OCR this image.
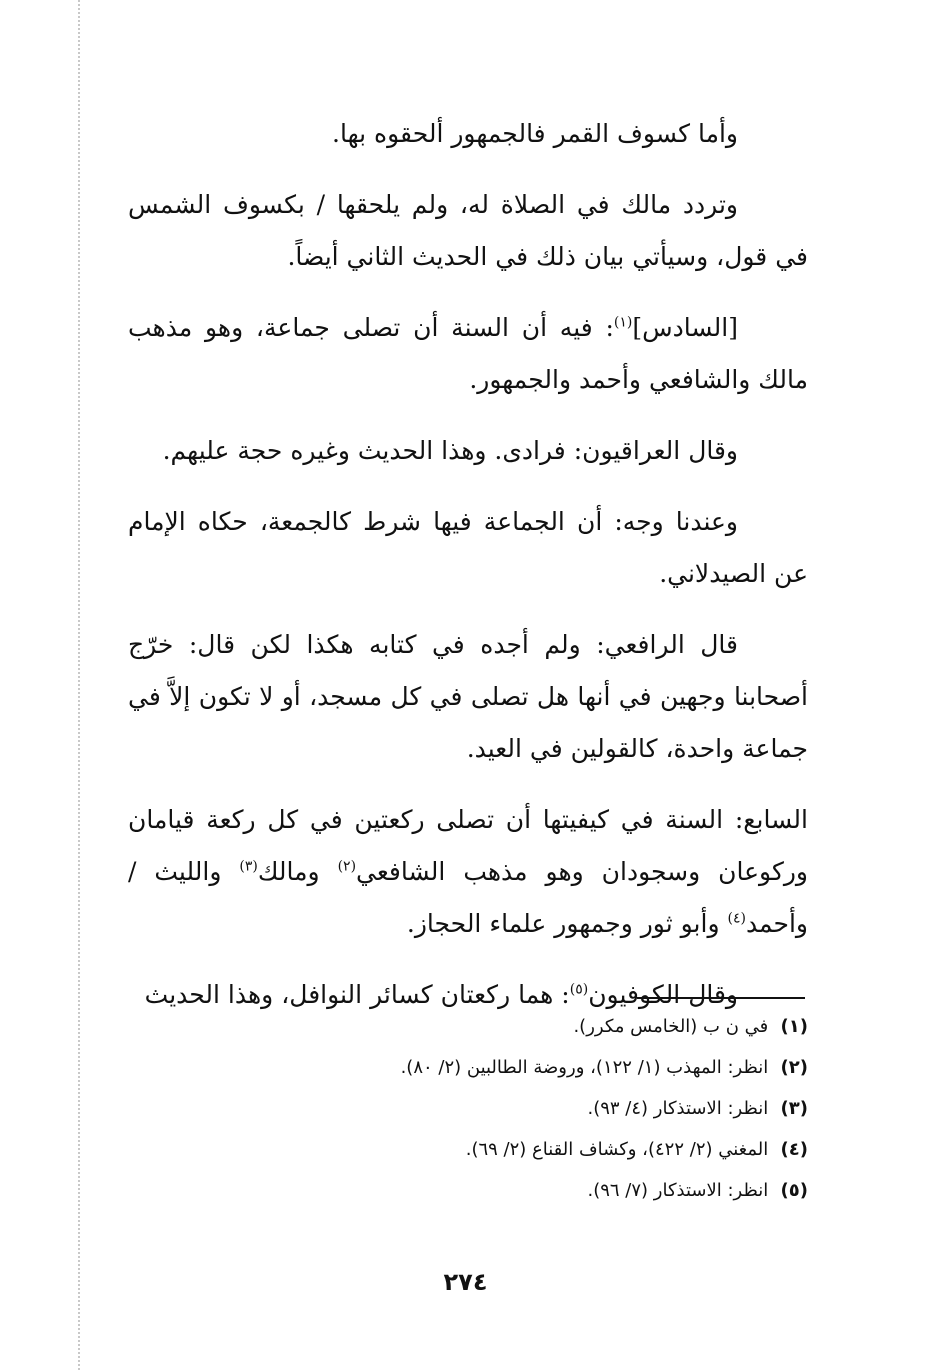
وأما كسوف القمر فالجمهور ألحقوه بها.

وتردد مالك في الصلاة له، ولم يلحقها / بكسوف الشمس في قول، وسيأتي بيان ذلك في الحديث الثاني أيضاً.

[السادس]$^{(١)}$: فيه أن السنة أن تصلى جماعة، وهو مذهب مالك والشافعي وأحمد والجمهور.

وقال العراقيون: فرادى. وهذا الحديث وغيره حجة عليهم.

وعندنا وجه: أن الجماعة فيها شرط كالجمعة، حكاه الإمام عن الصيدلاني.

قال الرافعي: ولم أجده في كتابه هكذا لكن قال: خرّج أصحابنا وجهين في أنها هل تصلى في كل مسجد، أو لا تكون إلاَّ في جماعة واحدة، كالقولين في العيد.

السابع: السنة في كيفيتها أن تصلى ركعتين في كل ركعة قيامان وركوعان وسجودان وهو مذهب الشافعي$^{(٢)}$ ومالك$^{(٣)}$ والليث / وأحمد$^{(٤)}$ وأبو ثور وجمهور علماء الحجاز.

وقال الكوفيون$^{(٥)}$: هما ركعتان كسائر النوافل، وهذا الحديث

(١) في ن ب (الخامس مكرر).
(٢) انظر: المهذب (١/ ١٢٢)، وروضة الطالبين (٢/ ٨٠).
(٣) انظر: الاستذكار (٤/ ٩٣).
(٤) المغني (٢/ ٤٢٢)، وكشاف القناع (٢/ ٦٩).
(٥) انظر: الاستذكار (٧/ ٩٦).
٢٧٤
